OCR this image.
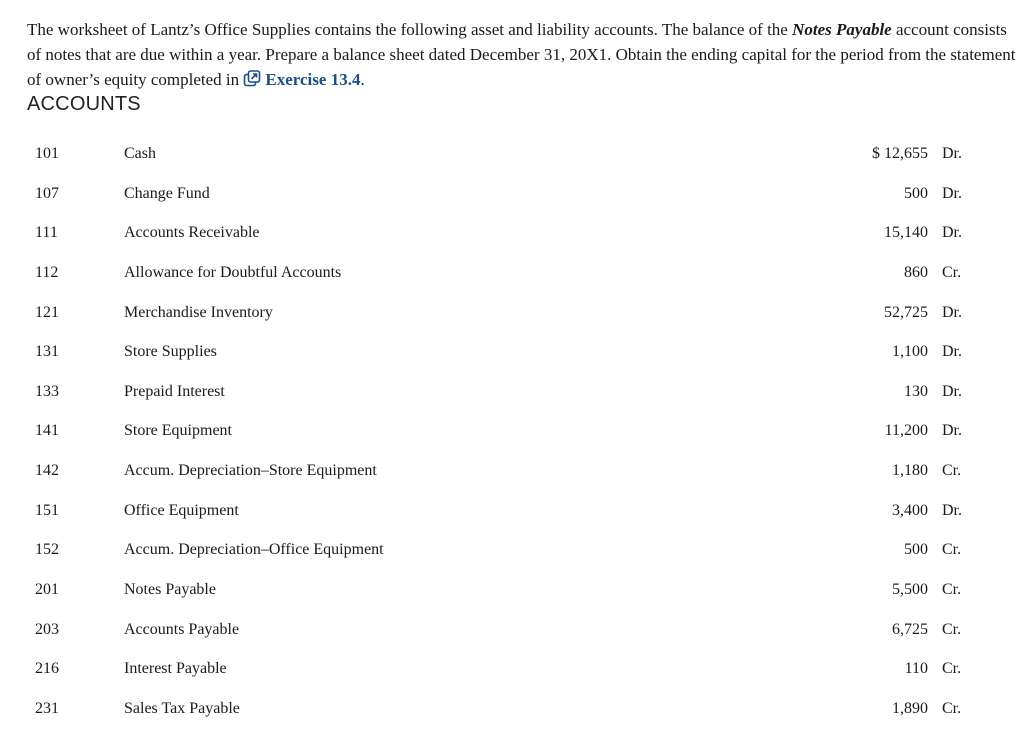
The worksheet of Lantz’s Office Supplies contains the following asset and liability accounts. The balance of the Notes Payable account consists of notes that are due within a year. Prepare a balance sheet dated December 31, 20X1. Obtain the ending capital for the period from the statement of owner’s equity completed in Exercise 13.4.

ACCOUNTS
101	Cash	$ 12,655 Dr.
107	Change Fund	500 Dr.
111	Accounts Receivable	15,140 Dr.
112	Allowance for Doubtful Accounts	860 Cr.
121	Merchandise Inventory	52,725 Dr.
131	Store Supplies	1,100 Dr.
133	Prepaid Interest	130 Dr.
141	Store Equipment	11,200 Dr.
142	Accum. Depreciation–Store Equipment	1,180 Cr.
151	Office Equipment	3,400 Dr.
152	Accum. Depreciation–Office Equipment	500 Cr.
201	Notes Payable	5,500 Cr.
203	Accounts Payable	6,725 Cr.
216	Interest Payable	110 Cr.
231	Sales Tax Payable	1,890 Cr.
